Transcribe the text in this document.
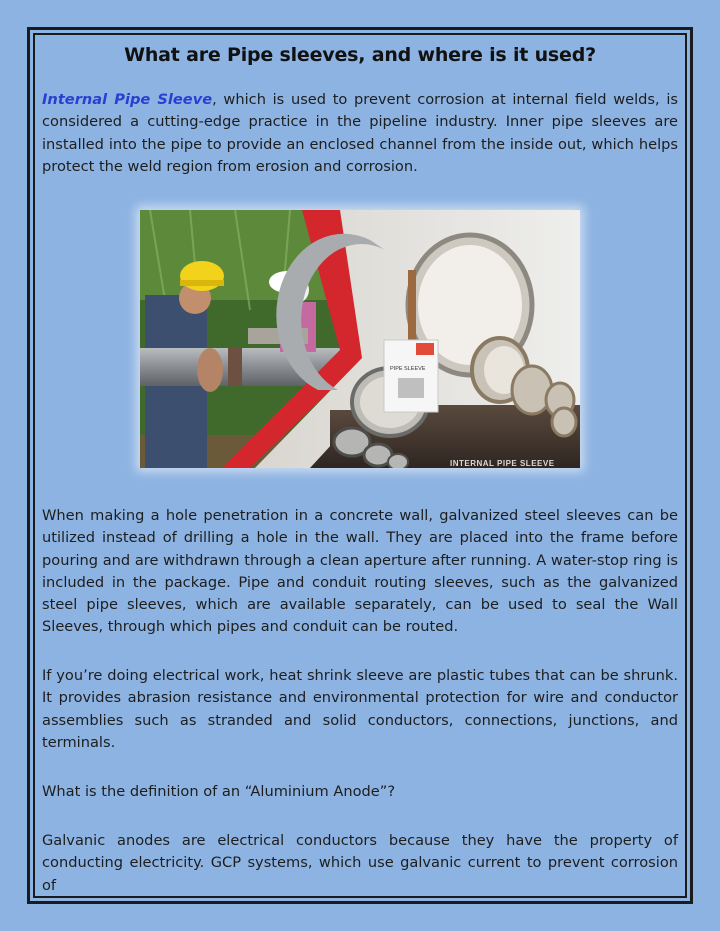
What are Pipe sleeves, and where is it used?

Internal Pipe Sleeve, which is used to prevent corrosion at internal field welds, is considered a cutting-edge practice in the pipeline industry. Inner pipe sleeves are installed into the pipe to provide an enclosed channel from the inside out, which helps protect the weld region from erosion and corrosion.

PIPE SLEEVE
INTERNAL PIPE SLEEVE

When making a hole penetration in a concrete wall, galvanized steel sleeves can be utilized instead of drilling a hole in the wall. They are placed into the frame before pouring and are withdrawn through a clean aperture after running. A water-stop ring is included in the package. Pipe and conduit routing sleeves, such as the galvanized steel pipe sleeves, which are available separately, can be used to seal the Wall Sleeves, through which pipes and conduit can be routed.

If you’re doing electrical work, heat shrink sleeve are plastic tubes that can be shrunk. It provides abrasion resistance and environmental protection for wire and conductor assemblies such as stranded and solid conductors, connections, junctions, and terminals.

What is the definition of an “Aluminium Anode”?

Galvanic anodes are electrical conductors because they have the property of conducting electricity. GCP systems, which use galvanic current to prevent corrosion of
